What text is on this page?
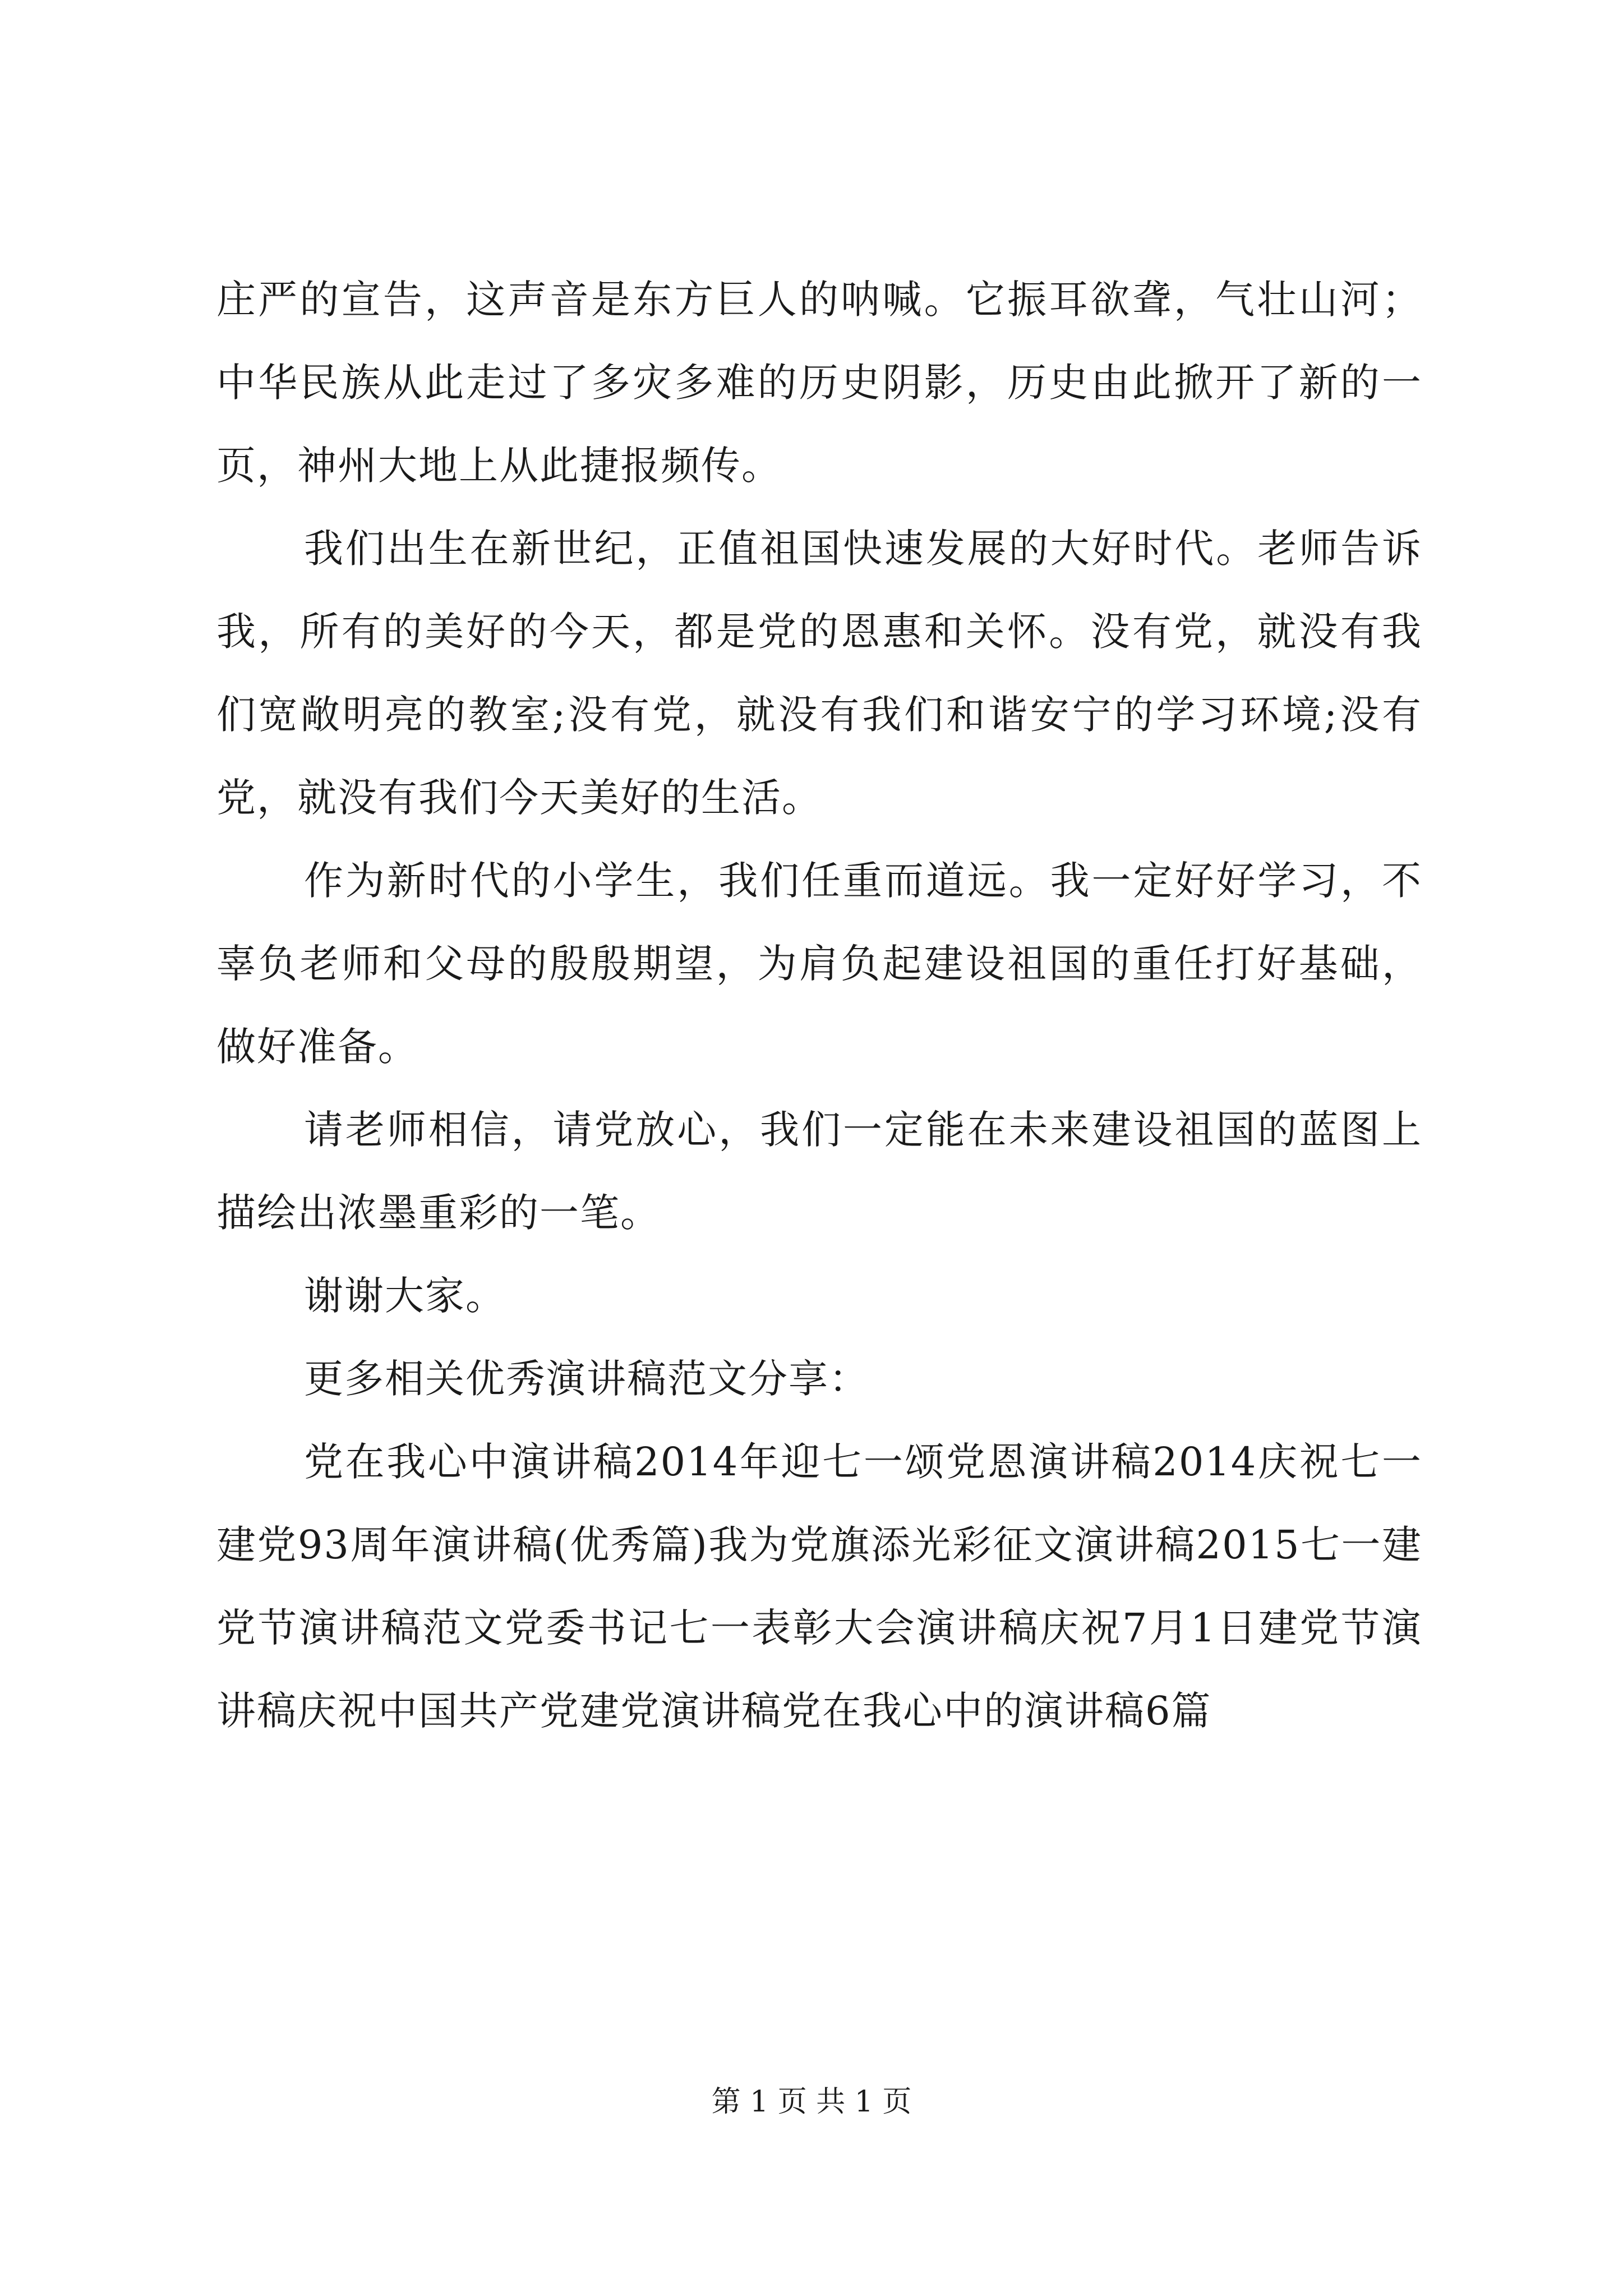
庄严的宣告，这声音是东方巨人的呐喊。它振耳欲聋，气壮山河；中华民族从此走过了多灾多难的历史阴影，历史由此掀开了新的一页，神州大地上从此捷报频传。

我们出生在新世纪，正值祖国快速发展的大好时代。老师告诉我，所有的美好的今天，都是党的恩惠和关怀。没有党，就没有我们宽敞明亮的教室;没有党，就没有我们和谐安宁的学习环境;没有党，就没有我们今天美好的生活。

作为新时代的小学生，我们任重而道远。我一定好好学习，不辜负老师和父母的殷殷期望，为肩负起建设祖国的重任打好基础，做好准备。

请老师相信，请党放心，我们一定能在未来建设祖国的蓝图上描绘出浓墨重彩的一笔。

谢谢大家。

更多相关优秀演讲稿范文分享：

党在我心中演讲稿2014年迎七一颂党恩演讲稿2014庆祝七一建党93周年演讲稿(优秀篇)我为党旗添光彩征文演讲稿2015七一建党节演讲稿范文党委书记七一表彰大会演讲稿庆祝7月1日建党节演讲稿庆祝中国共产党建党演讲稿党在我心中的演讲稿6篇

第 1 页 共 1 页
